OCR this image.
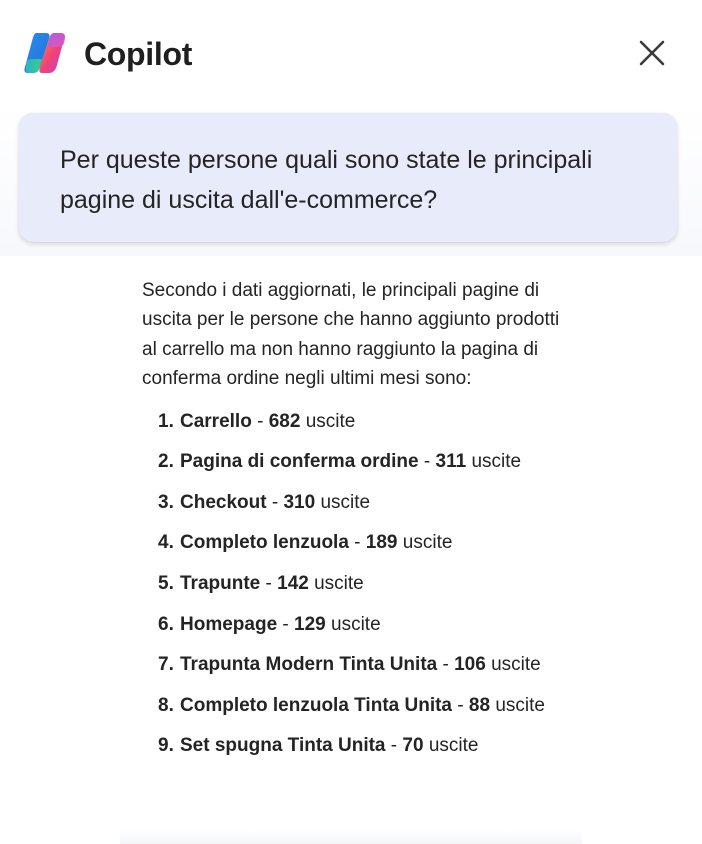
Copilot
Per queste persone quali sono state le principali pagine di uscita dall'e-commerce?

Secondo i dati aggiornati, le principali pagine di uscita per le persone che hanno aggiunto prodotti al carrello ma non hanno raggiunto la pagina di conferma ordine negli ultimi mesi sono:

1. Carrello - 682 uscite
2. Pagina di conferma ordine - 311 uscite
3. Checkout - 310 uscite
4. Completo lenzuola - 189 uscite
5. Trapunte - 142 uscite
6. Homepage - 129 uscite
7. Trapunta Modern Tinta Unita - 106 uscite
8. Completo lenzuola Tinta Unita - 88 uscite
9. Set spugna Tinta Unita - 70 uscite
